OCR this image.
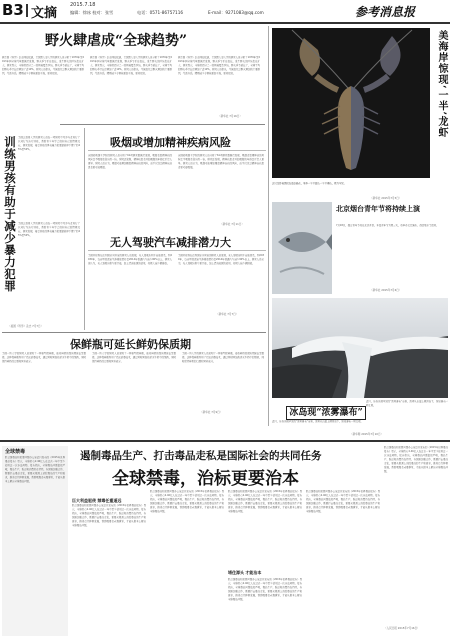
B3 文摘
2015.7.18
编辑：徐冰 校对：张雪	电话：0571-86757116	E-mail：9271083@qq.com	参考消息报
野火肆虐成“全球趋势”
据美国《科学》杂志网站报道，美国蒙大拿大学的研究人员分析了1979年至2013年间全球气象数据后发现，野火季节正在变长，发生野火的区域也在扩大。研究显示，全球约四分之一的植被覆盖区域，野火季节延长了，全球平均的野火季节长度增加了近19%。研究人员指出，气候变化是野火增加的主要原因，气温升高、降雨减少令植被更加干燥，更易燃烧。
据美国《科学》杂志网站报道，美国蒙大拿大学的研究人员分析了1979年至2013年间全球气象数据后发现，野火季节正在变长，发生野火的区域也在扩大。研究显示，全球约四分之一的植被覆盖区域，野火季节延长了，全球平均的野火季节长度增加了近19%。研究人员指出，气候变化是野火增加的主要原因，气温升高、降雨减少令植被更加干燥，更易燃烧。
据美国《科学》杂志网站报道，美国蒙大拿大学的研究人员分析了1979年至2013年间全球气象数据后发现，野火季节正在变长，发生野火的区域也在扩大。研究显示，全球约四分之一的植被覆盖区域，野火季节延长了，全球平均的野火季节长度增加了近19%。研究人员指出，气候变化是野火增加的主要原因，气温升高、降雨减少令植被更加干燥，更易燃烧。
（新华社 7月16日）
训练男孩有助于减少暴力犯罪 美国芝加哥大学的研究人员在一项研究中对参与者进行了认知行为治疗训练，帮助青少年学会控制自己的情绪反应。研究发现，接受训练的男孩暴力犯罪逮捕率下降了约45%至50%。
美国芝加哥大学的研究人员在一项研究中对参与者进行了认知行为治疗训练，帮助青少年学会控制自己的情绪反应。研究发现，接受训练的男孩暴力犯罪逮捕率下降了约45%至50%。
（美国《科学》杂志 7月7日）
吸烟或增加精神疾病风险
英国伦敦国王学院的研究人员分析了61项研究数据后发现，吸烟者患精神病的风险比不吸烟者高出约一倍。研究还发现，精神病患者开始吸烟的年龄比正常人更早。研究人员认为，吸烟可能增加罹患精神疾病的风险，而不仅仅是精神疾病患者更可能吸烟。
英国伦敦国王学院的研究人员分析了61项研究数据后发现，吸烟者患精神病的风险比不吸烟者高出约一倍。研究还发现，精神病患者开始吸烟的年龄比正常人更早。研究人员认为，吸烟可能增加罹患精神疾病的风险，而不仅仅是精神疾病患者更可能吸烟。
（新华社 7月11日）
无人驾驶汽车减排潜力大
美国劳伦斯伯克利国家实验室的研究人员发现，无人驾驶出租车若能普及，到2030年，每英里的温室气体排放量将比2014年普通汽车减少90%以上。研究人员认为，无人驾驶出租车更节能，加上清洁能源的使用，将极大减少碳排放。
美国劳伦斯伯克利国家实验室的研究人员发现，无人驾驶出租车若能普及，到2030年，每英里的温室气体排放量将比2014年普通汽车减少90%以上。研究人员认为，无人驾驶出租车更节能，加上清洁能源的使用，将极大减少碳排放。
（新华社 7月7日）
保鲜瓶可延长鲜奶保质期
美国一所大学的研究人员发明了一种新型保鲜瓶，能将鲜奶的保质期延长至数周。这种保鲜瓶利用了巴氏消毒技术，通过短时间加热杀灭牛奶中的细菌，同时保持鲜奶的口感和营养成分。
美国一所大学的研究人员发明了一种新型保鲜瓶，能将鲜奶的保质期延长至数周。这种保鲜瓶利用了巴氏消毒技术，通过短时间加热杀灭牛奶中的细菌，同时保持鲜奶的口感和营养成分。
美国一所大学的研究人员发明了一种新型保鲜瓶，能将鲜奶的保质期延长至数周。这种保鲜瓶利用了巴氏消毒技术，通过短时间加热杀灭牛奶中的细菌，同时保持鲜奶的口感和营养成分。
（新华社 7月9日）
美海岸惊现‘一半’龙虾
这只龙虾被渔民在海边捕获，身体一半呈蓝色一半呈褐色，极为罕见。
（新华社 2015年7月5日）
北京烟台青年节将持续上演
7月18日，烟台青年节将在北京开幕。本届青年节为期三天，将举办文艺演出、创意集市等活动。
（新华社 2015年7月6日）
冰岛现“浓雾瀑布”
近日，冰岛出现罕见的“浓雾瀑布”奇景，浓雾从山崖上倾泻而下，宛如瀑布一般壮观。
近日，冰岛出现罕见的“浓雾瀑布”奇景，浓雾从山崖上倾泻而下，宛如瀑布一般壮观。
（新华网 2015年7月10日）
全球禁毒
联合国毒品和犯罪问题办公室近日发布的《2015年世界毒品报告》显示，全球约有2.46亿人在过去一年中至少使用过一次非法药物。报告指出，全球毒品问题依然严峻，毒品生产、贩运和消费仍在持续。各国需加强合作，既要打击毒品走私，更要从根源上消除毒品的生产和需求，推进替代种植发展，帮助吸毒者戒毒康复，才能从根本上解决全球毒品问题。
遏制毒品生产、打击毒品走私是国际社会的共同任务
全球禁毒，治标更要治本
巨大利益驱使 禁毒任重道远
联合国毒品和犯罪问题办公室近日发布的《2015年世界毒品报告》显示，全球约有2.46亿人在过去一年中至少使用过一次非法药物。报告指出，全球毒品问题依然严峻，毒品生产、贩运和消费仍在持续。各国需加强合作，既要打击毒品走私，更要从根源上消除毒品的生产和需求，推进替代种植发展，帮助吸毒者戒毒康复，才能从根本上解决全球毒品问题。
联合国毒品和犯罪问题办公室近日发布的《2015年世界毒品报告》显示，全球约有2.46亿人在过去一年中至少使用过一次非法药物。报告指出，全球毒品问题依然严峻，毒品生产、贩运和消费仍在持续。各国需加强合作，既要打击毒品走私，更要从根源上消除毒品的生产和需求，推进替代种植发展，帮助吸毒者戒毒康复，才能从根本上解决全球毒品问题。
堵住源头 才能治本
联合国毒品和犯罪问题办公室近日发布的《2015年世界毒品报告》显示，全球约有2.46亿人在过去一年中至少使用过一次非法药物。报告指出，全球毒品问题依然严峻，毒品生产、贩运和消费仍在持续。各国需加强合作，既要打击毒品走私，更要从根源上消除毒品的生产和需求，推进替代种植发展，帮助吸毒者戒毒康复，才能从根本上解决全球毒品问题。
联合国毒品和犯罪问题办公室近日发布的《2015年世界毒品报告》显示，全球约有2.46亿人在过去一年中至少使用过一次非法药物。报告指出，全球毒品问题依然严峻，毒品生产、贩运和消费仍在持续。各国需加强合作，既要打击毒品走私，更要从根源上消除毒品的生产和需求，推进替代种植发展，帮助吸毒者戒毒康复，才能从根本上解决全球毒品问题。
联合国毒品和犯罪问题办公室近日发布的《2015年世界毒品报告》显示，全球约有2.46亿人在过去一年中至少使用过一次非法药物。报告指出，全球毒品问题依然严峻，毒品生产、贩运和消费仍在持续。各国需加强合作，既要打击毒品走私，更要从根源上消除毒品的生产和需求，推进替代种植发展，帮助吸毒者戒毒康复，才能从根本上解决全球毒品问题。
联合国毒品和犯罪问题办公室近日发布的《2015年世界毒品报告》显示，全球约有2.46亿人在过去一年中至少使用过一次非法药物。报告指出，全球毒品问题依然严峻，毒品生产、贩运和消费仍在持续。各国需加强合作，既要打击毒品走私，更要从根源上消除毒品的生产和需求，推进替代种植发展，帮助吸毒者戒毒康复，才能从根本上解决全球毒品问题。
（人民日报 2015年7月16日）
